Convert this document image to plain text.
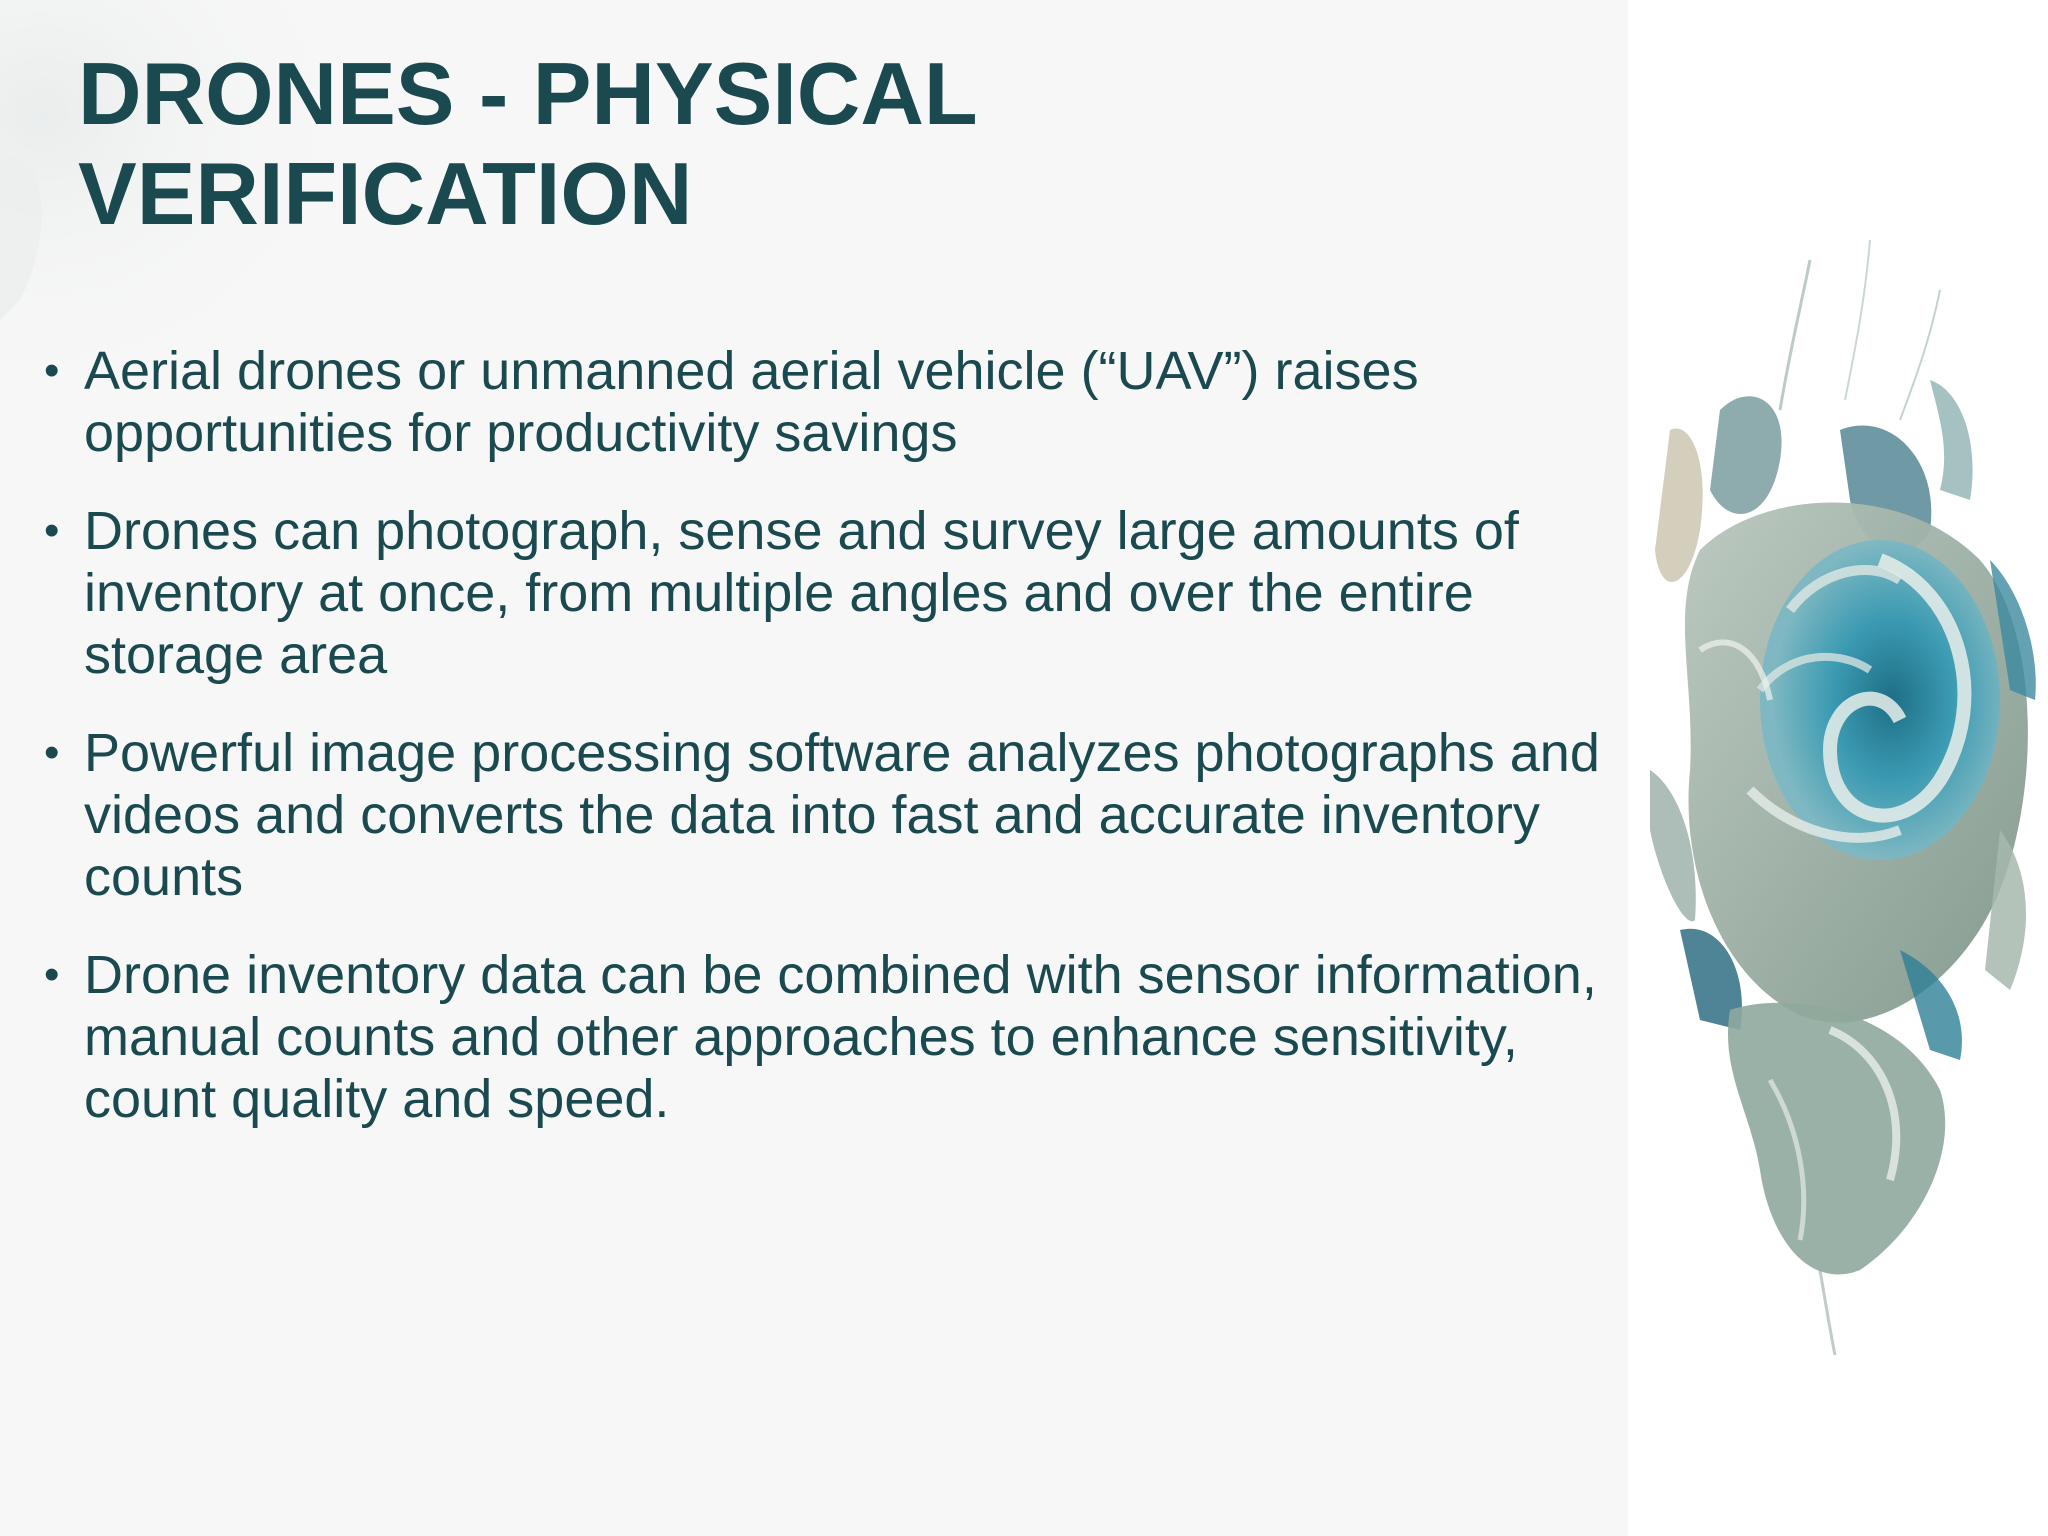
DRONES - PHYSICAL VERIFICATION
• Aerial drones or unmanned aerial vehicle (“UAV”) raises opportunities for productivity savings
• Drones can photograph, sense and survey large amounts of inventory at once, from multiple angles and over the entire storage area
• Powerful image processing software analyzes photographs and videos and converts the data into fast and accurate inventory counts
• Drone inventory data can be combined with sensor information, manual counts and other approaches to enhance sensitivity, count quality and speed.
